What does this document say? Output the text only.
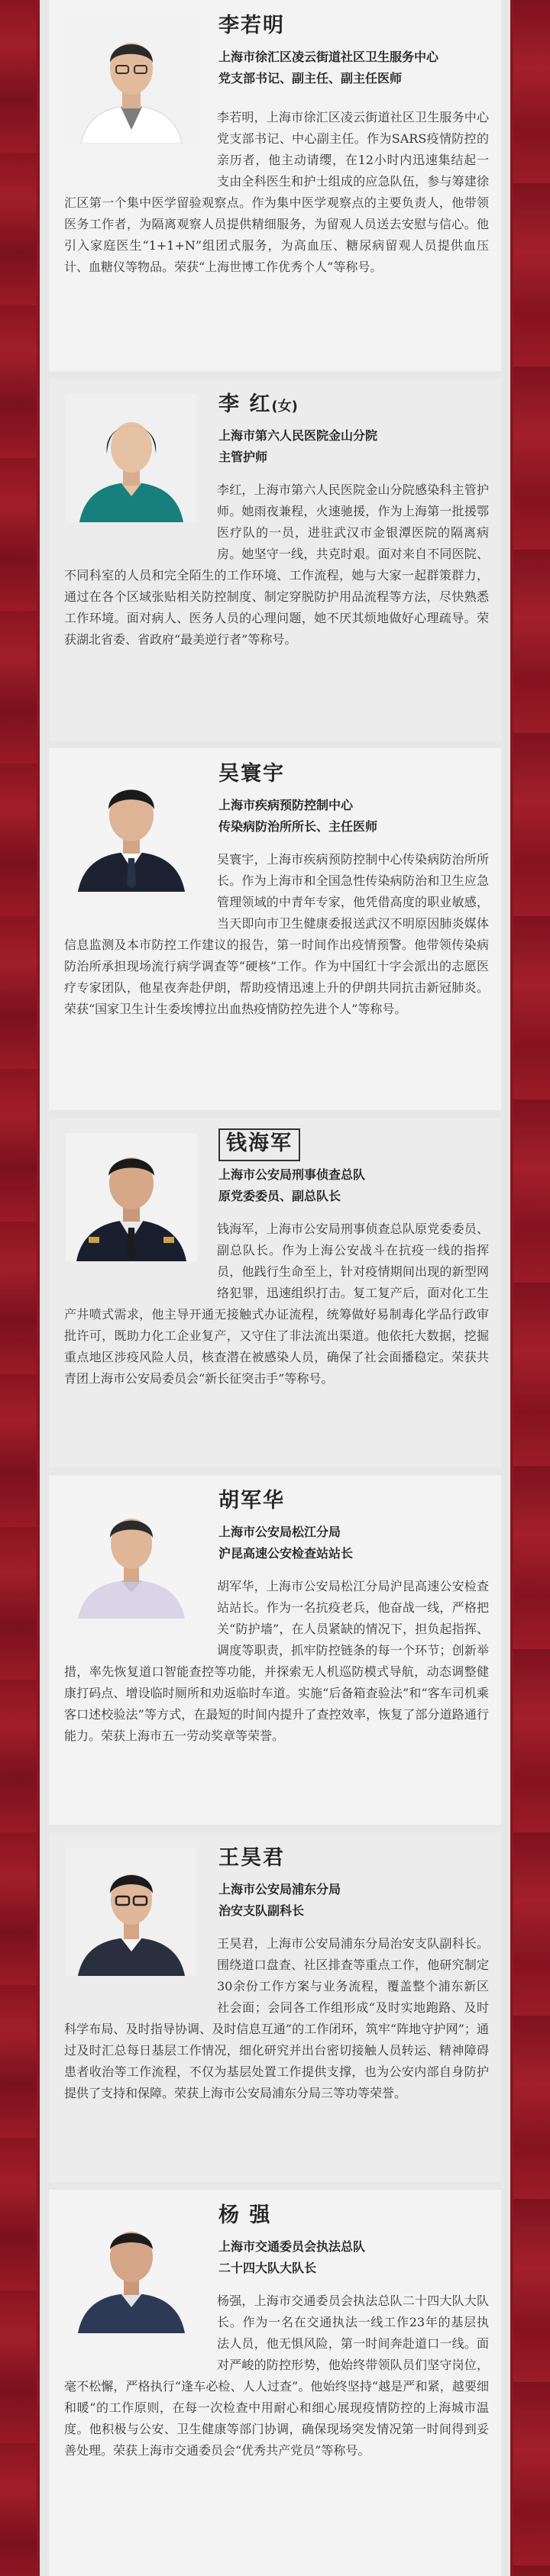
李若明
上海市徐汇区凌云街道社区卫生服务中心
党支部书记、副主任、副主任医师
李若明，上海市徐汇区凌云街道社区卫生服务中心党支部书记、中心副主任。作为SARS疫情防控的亲历者，他主动请缨，在12小时内迅速集结起一支由全科医生和护士组成的应急队伍，参与筹建徐汇区第一个集中医学留验观察点。作为集中医学观察点的主要负责人，他带领医务工作者，为隔离观察人员提供精细服务，为留观人员送去安慰与信心。他引入家庭医生“1+1+N”组团式服务，为高血压、糖尿病留观人员提供血压计、血糖仪等物品。荣获“上海世博工作优秀个人”等称号。
李 红(女)
上海市第六人民医院金山分院
主管护师
李红，上海市第六人民医院金山分院感染科主管护师。她雨夜兼程，火速驰援，作为上海第一批援鄂医疗队的一员，进驻武汉市金银潭医院的隔离病房。她坚守一线，共克时艰。面对来自不同医院、不同科室的人员和完全陌生的工作环境、工作流程，她与大家一起群策群力，通过在各个区域张贴相关防控制度、制定穿脱防护用品流程等方法，尽快熟悉工作环境。面对病人、医务人员的心理问题，她不厌其烦地做好心理疏导。荣获湖北省委、省政府“最美逆行者”等称号。
吴寰宇
上海市疾病预防控制中心
传染病防治所所长、主任医师
吴寰宇，上海市疾病预防控制中心传染病防治所所长。作为上海市和全国急性传染病防治和卫生应急管理领域的中青年专家，他凭借高度的职业敏感，当天即向市卫生健康委报送武汉不明原因肺炎媒体信息监测及本市防控工作建议的报告，第一时间作出疫情预警。他带领传染病防治所承担现场流行病学调查等“硬核”工作。作为中国红十字会派出的志愿医疗专家团队，他星夜奔赴伊朗，帮助疫情迅速上升的伊朗共同抗击新冠肺炎。荣获“国家卫生计生委埃博拉出血热疫情防控先进个人”等称号。
钱海军
上海市公安局刑事侦查总队
原党委委员、副总队长
钱海军，上海市公安局刑事侦查总队原党委委员、副总队长。作为上海公安战斗在抗疫一线的指挥员，他践行生命至上，针对疫情期间出现的新型网络犯罪，迅速组织打击。复工复产后，面对化工生产井喷式需求，他主导开通无接触式办证流程，统筹做好易制毒化学品行政审批许可，既助力化工企业复产，又守住了非法流出渠道。他依托大数据，挖掘重点地区涉疫风险人员，核查潜在被感染人员，确保了社会面播稳定。荣获共青团上海市公安局委员会“新长征突击手”等称号。
胡军华
上海市公安局松江分局
沪昆高速公安检查站站长
胡军华，上海市公安局松江分局沪昆高速公安检查站站长。作为一名抗疫老兵，他奋战一线，严格把关“防护墙”，在人员紧缺的情况下，担负起指挥、调度等职责，抓牢防控链条的每一个环节；创新举措，率先恢复道口智能查控等功能，并探索无人机巡防模式导航，动态调整健康打码点、增设临时厕所和劝返临时车道。实施“后备箱查验法”和“客车司机乘客口述校验法”等方式，在最短的时间内提升了查控效率，恢复了部分道路通行能力。荣获上海市五一劳动奖章等荣誉。
王昊君
上海市公安局浦东分局
治安支队副科长
王昊君，上海市公安局浦东分局治安支队副科长。围绕道口盘查、社区排查等重点工作，他研究制定30余份工作方案与业务流程，覆盖整个浦东新区社会面；会同各工作组形成“及时实地跑路、及时科学布局、及时指导协调、及时信息互通”的工作闭环，筑牢“阵地守护网”；通过及时汇总每日基层工作情况，细化研究并出台密切接触人员转运、精神障碍患者收治等工作流程，不仅为基层处置工作提供支撑，也为公安内部自身防护提供了支持和保障。荣获上海市公安局浦东分局三等功等荣誉。
杨 强
上海市交通委员会执法总队
二十四大队大队长
杨强，上海市交通委员会执法总队二十四大队大队长。作为一名在交通执法一线工作23年的基层执法人员，他无惧风险，第一时间奔赴道口一线。面对严峻的防控形势，他始终带领队员们坚守岗位，毫不松懈，严格执行“逢车必检、人人过查”。他始终坚持“越是严和紧，越要细和暖”的工作原则，在每一次检查中用耐心和细心展现疫情防控的上海城市温度。他积极与公安、卫生健康等部门协调，确保现场突发情况第一时间得到妥善处理。荣获上海市交通委员会“优秀共产党员”等称号。
